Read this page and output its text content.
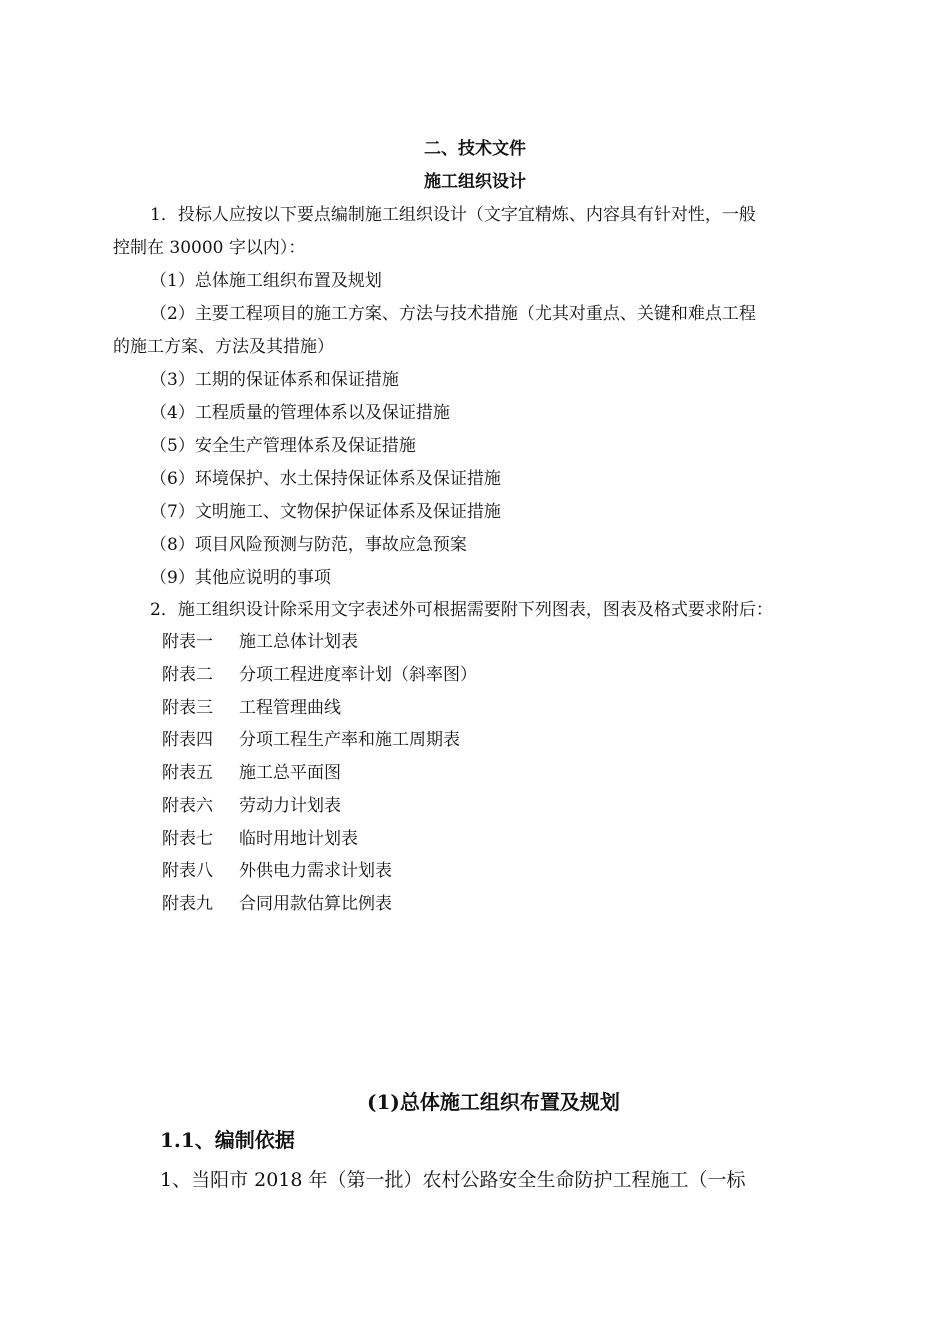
二、技术文件
施工组织设计
1．投标人应按以下要点编制施工组织设计（文字宜精炼、内容具有针对性，一般
控制在 30000 字以内）：
（1）总体施工组织布置及规划
（2）主要工程项目的施工方案、方法与技术措施（尤其对重点、关键和难点工程
的施工方案、方法及其措施）
（3）工期的保证体系和保证措施
（4）工程质量的管理体系以及保证措施
（5）安全生产管理体系及保证措施
（6）环境保护、水土保持保证体系及保证措施
（7）文明施工、文物保护保证体系及保证措施
（8）项目风险预测与防范，事故应急预案
（9）其他应说明的事项
2．施工组织设计除采用文字表述外可根据需要附下列图表，图表及格式要求附后：
附表一 施工总体计划表
附表二 分项工程进度率计划（斜率图）
附表三 工程管理曲线
附表四 分项工程生产率和施工周期表
附表五 施工总平面图
附表六 劳动力计划表
附表七 临时用地计划表
附表八 外供电力需求计划表
附表九 合同用款估算比例表
(1)总体施工组织布置及规划
1.1、编制依据
1、当阳市 2018 年（第一批）农村公路安全生命防护工程施工（一标
